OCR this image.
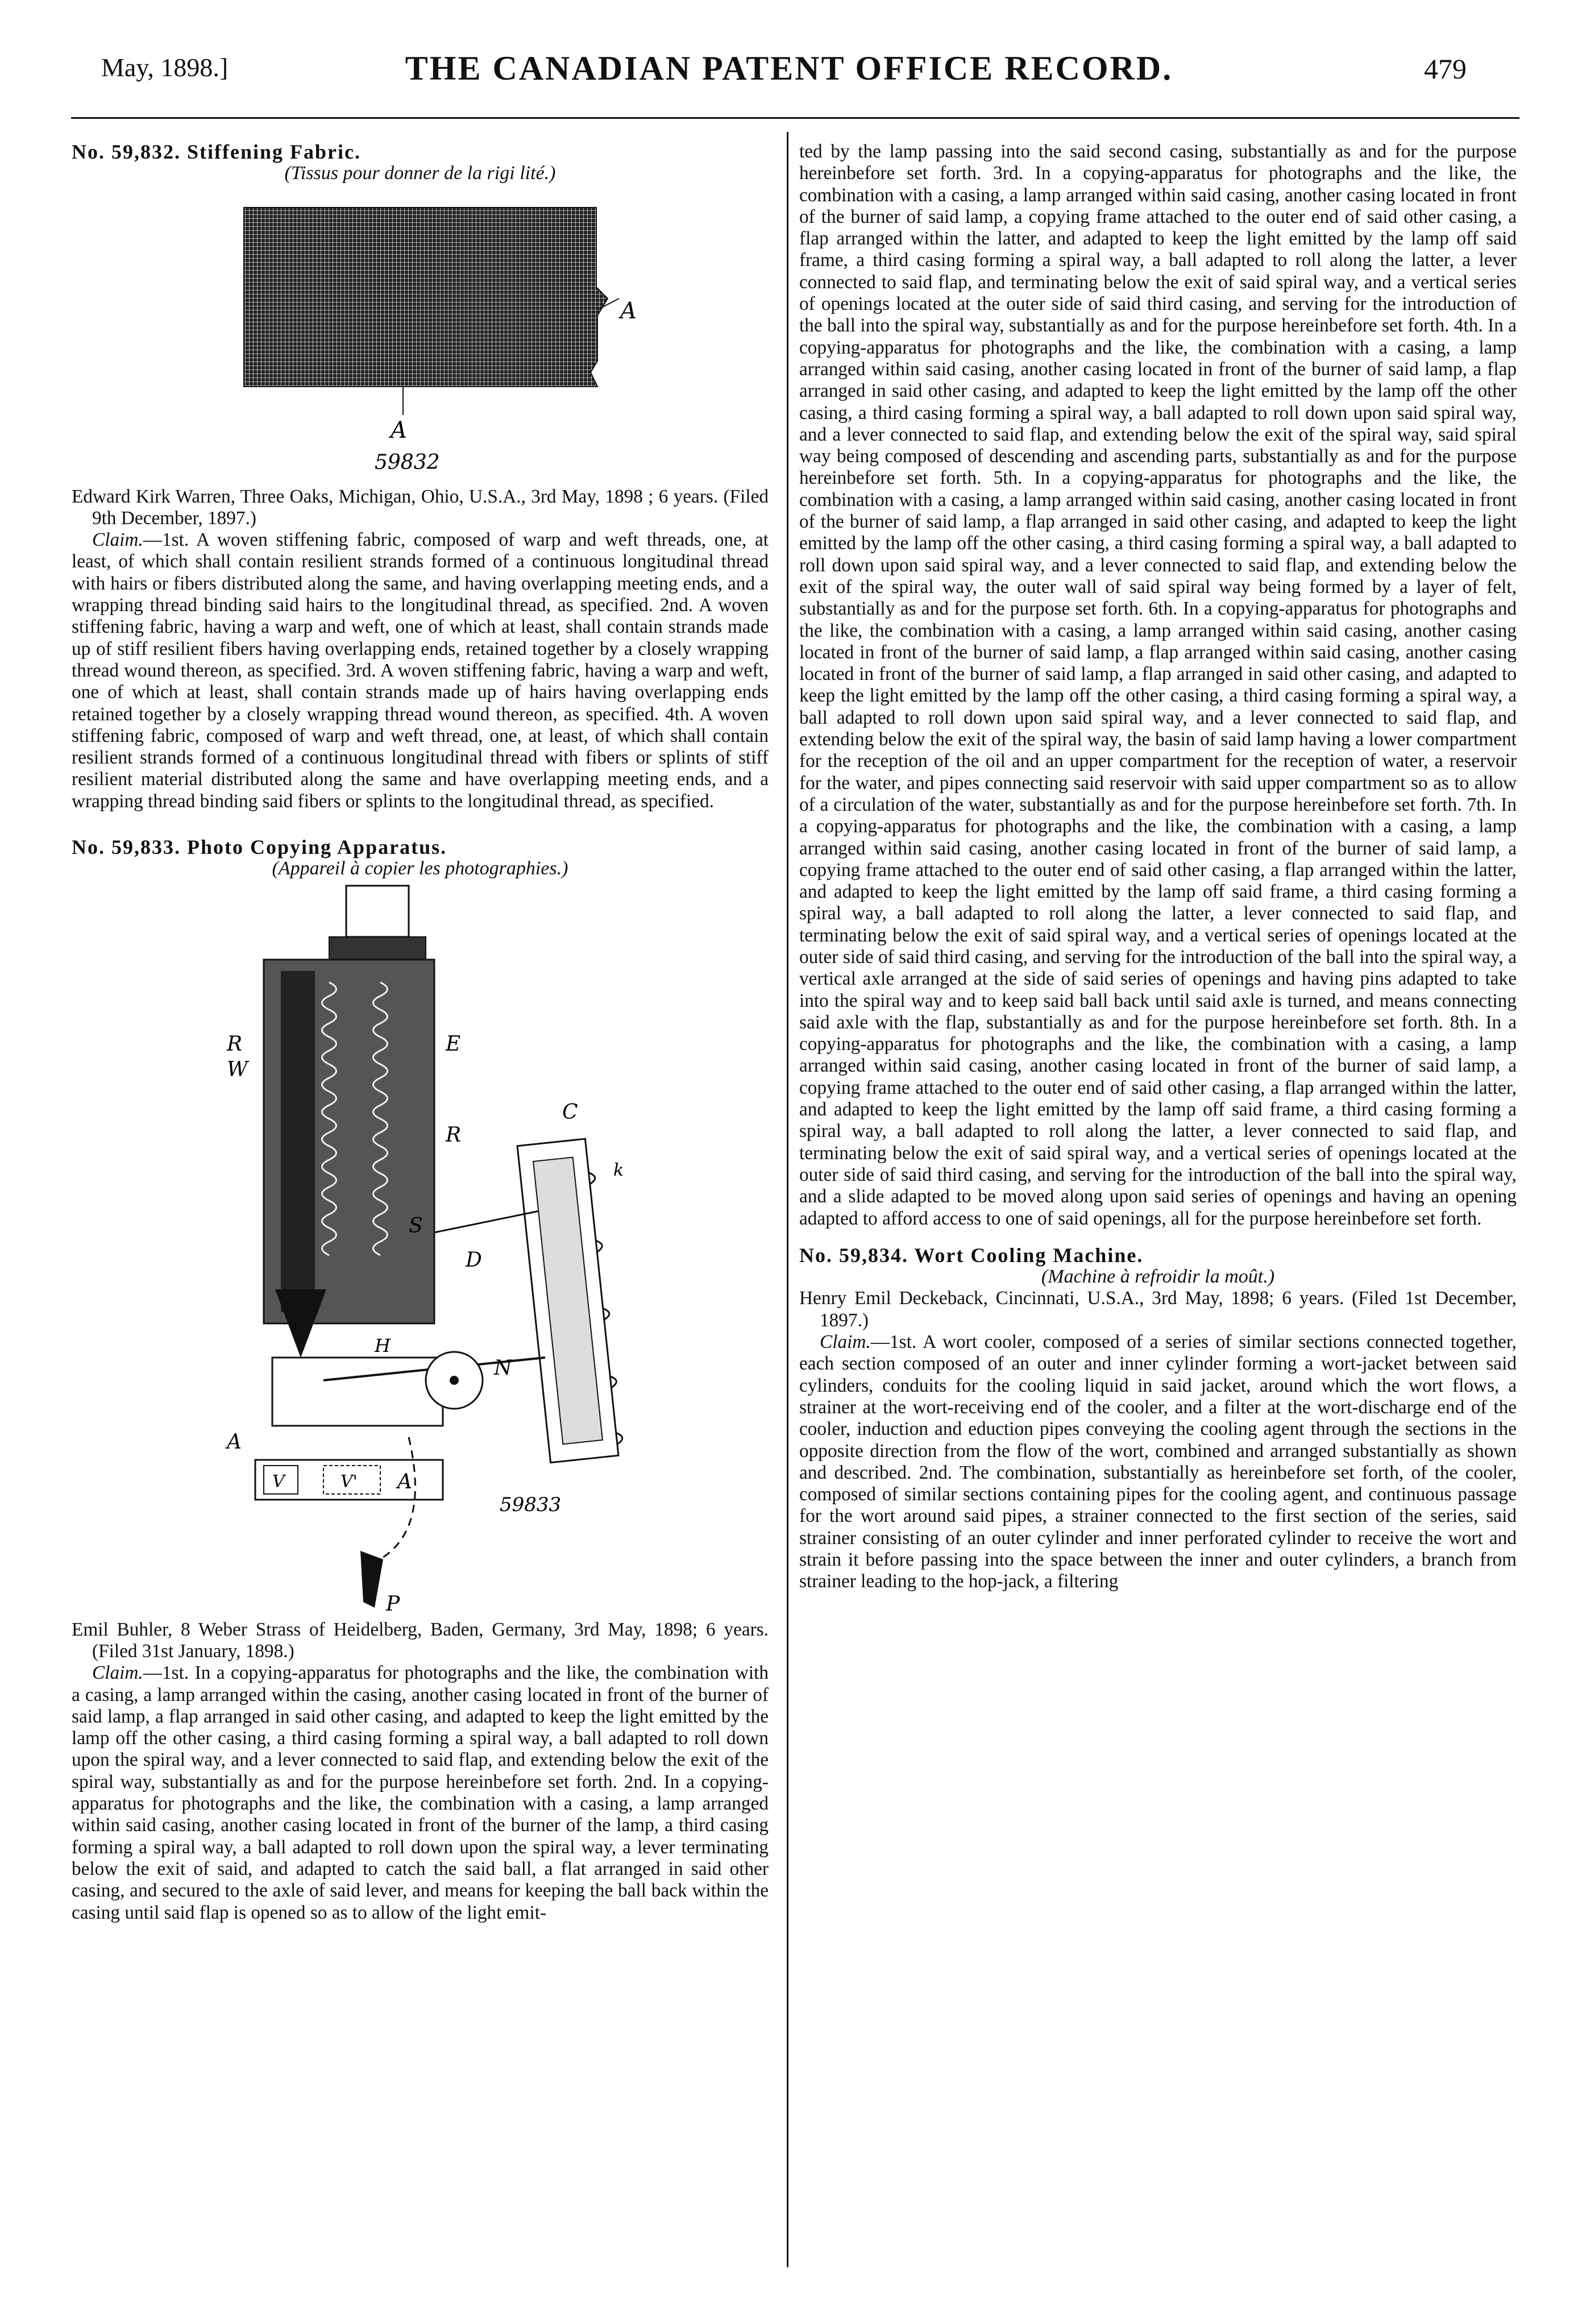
May, 1898.]	THE CANADIAN PATENT OFFICE RECORD.	479

No. 59,832. Stiffening Fabric.

(Tissus pour donner de la rigi lité.)

A
A
59832

Edward Kirk Warren, Three Oaks, Michigan, Ohio, U.S.A., 3rd May, 1898 ; 6 years. (Filed 9th December, 1897.)

Claim.—1st. A woven stiffening fabric, composed of warp and weft threads, one, at least, of which shall contain resilient strands formed of a continuous longitudinal thread with hairs or fibers distributed along the same, and having overlapping meeting ends, and a wrapping thread binding said hairs to the longitudinal thread, as specified. 2nd. A woven stiffening fabric, having a warp and weft, one of which at least, shall contain strands made up of stiff resilient fibers having overlapping ends, retained together by a closely wrapping thread wound thereon, as specified. 3rd. A woven stiffening fabric, having a warp and weft, one of which at least, shall contain strands made up of hairs having overlapping ends retained together by a closely wrapping thread wound thereon, as specified. 4th. A woven stiffening fabric, composed of warp and weft thread, one, at least, of which shall contain resilient strands formed of a continuous longitudinal thread with fibers or splints of stiff resilient material distributed along the same and have overlapping meeting ends, and a wrapping thread binding said fibers or splints to the longitudinal thread, as specified.

No. 59,833. Photo Copying Apparatus.

(Appareil à copier les photographies.)

R
W
E
R
S
C
D
N
H
A
V	V' A
P
k
59833

Emil Buhler, 8 Weber Strass of Heidelberg, Baden, Germany, 3rd May, 1898; 6 years. (Filed 31st January, 1898.)

Claim.—1st. In a copying-apparatus for photographs and the like, the combination with a casing, a lamp arranged within the casing, another casing located in front of the burner of said lamp, a flap arranged in said other casing, and adapted to keep the light emitted by the lamp off the other casing, a third casing forming a spiral way, a ball adapted to roll down upon the spiral way, and a lever connected to said flap, and extending below the exit of the spiral way, substantially as and for the purpose hereinbefore set forth. 2nd. In a copying-apparatus for photographs and the like, the combination with a casing, a lamp arranged within said casing, another casing located in front of the burner of the lamp, a third casing forming a spiral way, a ball adapted to roll down upon the spiral way, a lever terminating below the exit of said, and adapted to catch the said ball, a flat arranged in said other casing, and secured to the axle of said lever, and means for keeping the ball back within the casing until said flap is opened so as to allow of the light emit-

ted by the lamp passing into the said second casing, substantially as and for the purpose hereinbefore set forth. 3rd. In a copying-apparatus for photographs and the like, the combination with a casing, a lamp arranged within said casing, another casing located in front of the burner of said lamp, a copying frame attached to the outer end of said other casing, a flap arranged within the latter, and adapted to keep the light emitted by the lamp off said frame, a third casing forming a spiral way, a ball adapted to roll along the latter, a lever connected to said flap, and terminating below the exit of said spiral way, and a vertical series of openings located at the outer side of said third casing, and serving for the introduction of the ball into the spiral way, substantially as and for the purpose hereinbefore set forth. 4th. In a copying-apparatus for photographs and the like, the combination with a casing, a lamp arranged within said casing, another casing located in front of the burner of said lamp, a flap arranged in said other casing, and adapted to keep the light emitted by the lamp off the other casing, a third casing forming a spiral way, a ball adapted to roll down upon said spiral way, and a lever connected to said flap, and extending below the exit of the spiral way, said spiral way being composed of descending and ascending parts, substantially as and for the purpose hereinbefore set forth. 5th. In a copying-apparatus for photographs and the like, the combination with a casing, a lamp arranged within said casing, another casing located in front of the burner of said lamp, a flap arranged in said other casing, and adapted to keep the light emitted by the lamp off the other casing, a third casing forming a spiral way, a ball adapted to roll down upon said spiral way, and a lever connected to said flap, and extending below the exit of the spiral way, the outer wall of said spiral way being formed by a layer of felt, substantially as and for the purpose set forth. 6th. In a copying-apparatus for photographs and the like, the combination with a casing, a lamp arranged within said casing, another casing located in front of the burner of said lamp, a flap arranged within said casing, another casing located in front of the burner of said lamp, a flap arranged in said other casing, and adapted to keep the light emitted by the lamp off the other casing, a third casing forming a spiral way, a ball adapted to roll down upon said spiral way, and a lever connected to said flap, and extending below the exit of the spiral way, the basin of said lamp having a lower compartment for the reception of the oil and an upper compartment for the reception of water, a reservoir for the water, and pipes connecting said reservoir with said upper compartment so as to allow of a circulation of the water, substantially as and for the purpose hereinbefore set forth. 7th. In a copying-apparatus for photographs and the like, the combination with a casing, a lamp arranged within said casing, another casing located in front of the burner of said lamp, a copying frame attached to the outer end of said other casing, a flap arranged within the latter, and adapted to keep the light emitted by the lamp off said frame, a third casing forming a spiral way, a ball adapted to roll along the latter, a lever connected to said flap, and terminating below the exit of said spiral way, and a vertical series of openings located at the outer side of said third casing, and serving for the introduction of the ball into the spiral way, a vertical axle arranged at the side of said series of openings and having pins adapted to take into the spiral way and to keep said ball back until said axle is turned, and means connecting said axle with the flap, substantially as and for the purpose hereinbefore set forth. 8th. In a copying-apparatus for photographs and the like, the combination with a casing, a lamp arranged within said casing, another casing located in front of the burner of said lamp, a copying frame attached to the outer end of said other casing, a flap arranged within the latter, and adapted to keep the light emitted by the lamp off said frame, a third casing forming a spiral way, a ball adapted to roll along the latter, a lever connected to said flap, and terminating below the exit of said spiral way, and a vertical series of openings located at the outer side of said third casing, and serving for the introduction of the ball into the spiral way, and a slide adapted to be moved along upon said series of openings and having an opening adapted to afford access to one of said openings, all for the purpose hereinbefore set forth.

No. 59,834. Wort Cooling Machine.

(Machine à refroidir la moût.)

Henry Emil Deckeback, Cincinnati, U.S.A., 3rd May, 1898; 6 years. (Filed 1st December, 1897.)

Claim.—1st. A wort cooler, composed of a series of similar sections connected together, each section composed of an outer and inner cylinder forming a wort-jacket between said cylinders, conduits for the cooling liquid in said jacket, around which the wort flows, a strainer at the wort-receiving end of the cooler, and a filter at the wort-discharge end of the cooler, induction and eduction pipes conveying the cooling agent through the sections in the opposite direction from the flow of the wort, combined and arranged substantially as shown and described. 2nd. The combination, substantially as hereinbefore set forth, of the cooler, composed of similar sections containing pipes for the cooling agent, and continuous passage for the wort around said pipes, a strainer connected to the first section of the series, said strainer consisting of an outer cylinder and inner perforated cylinder to receive the wort and strain it before passing into the space between the inner and outer cylinders, a branch from strainer leading to the hop-jack, a filtering
